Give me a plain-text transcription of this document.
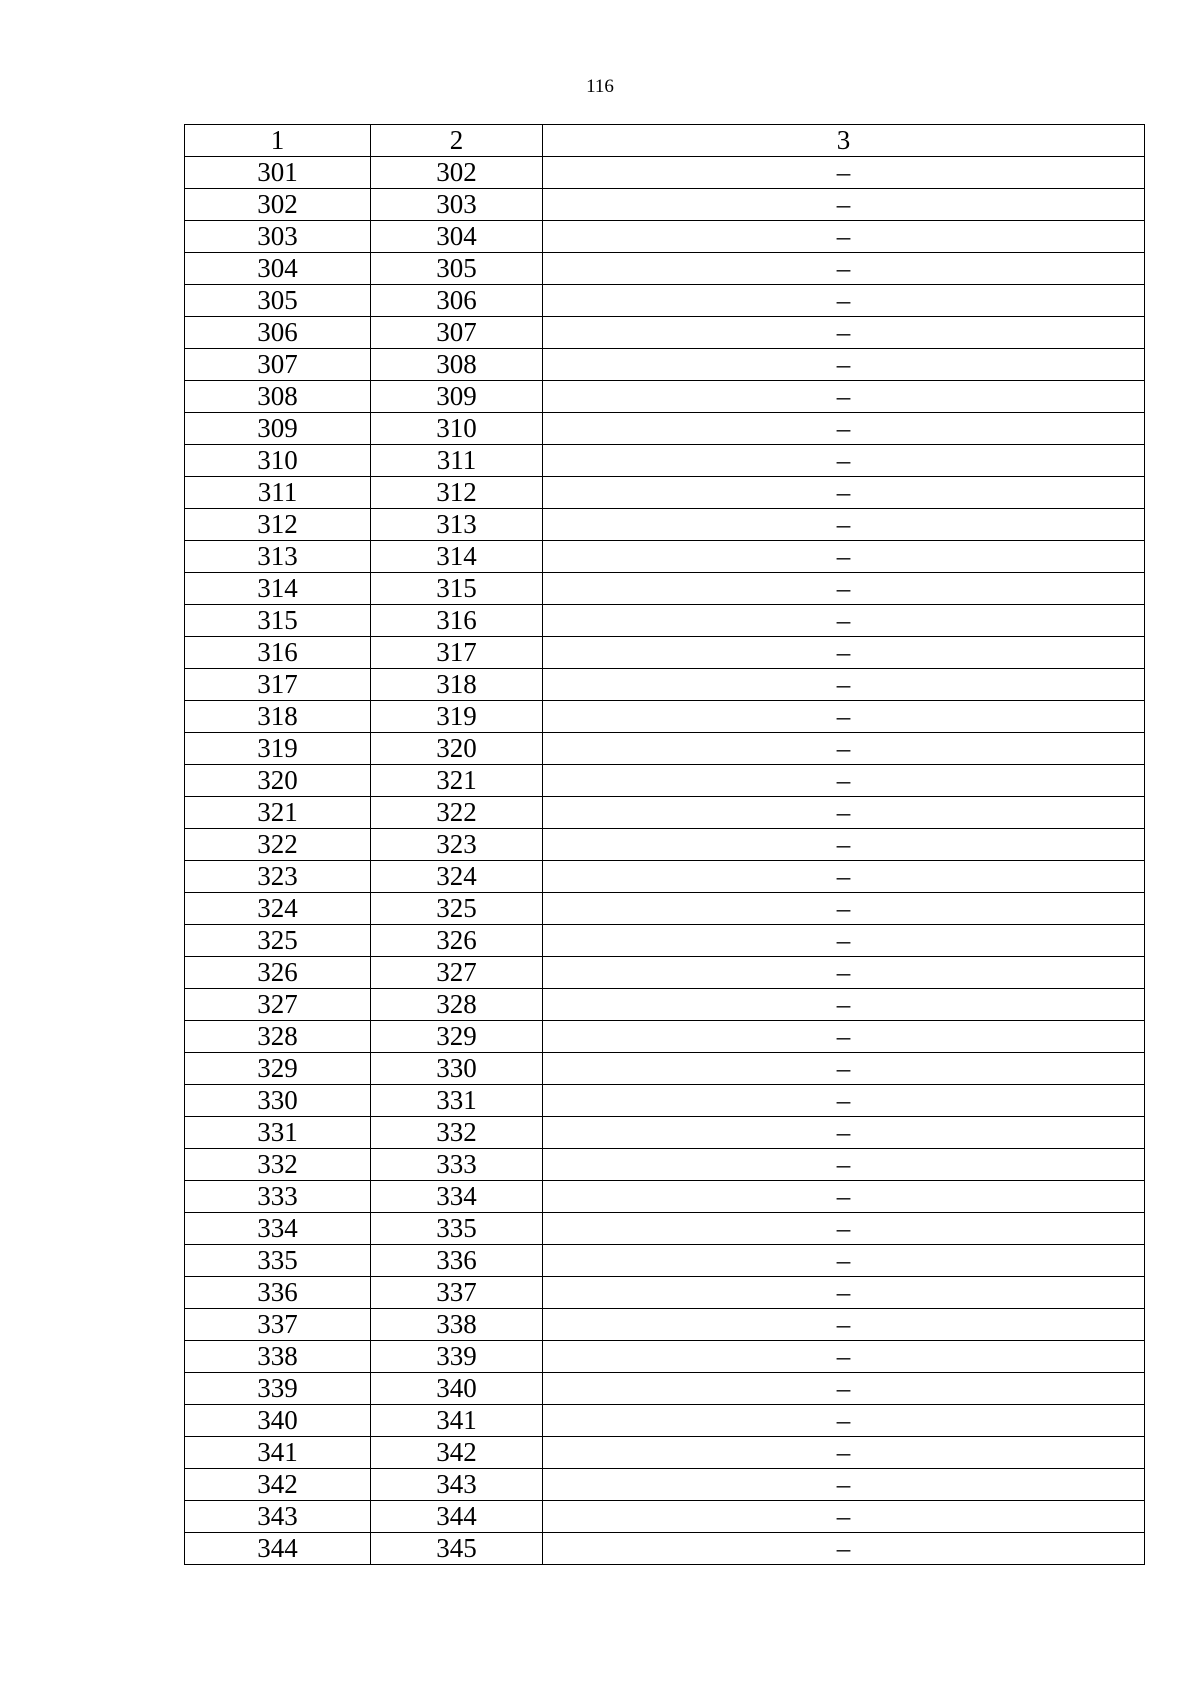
116
1	2	3
301	302	–
302	303	–
303	304	–
304	305	–
305	306	–
306	307	–
307	308	–
308	309	–
309	310	–
310	311	–
311	312	–
312	313	–
313	314	–
314	315	–
315	316	–
316	317	–
317	318	–
318	319	–
319	320	–
320	321	–
321	322	–
322	323	–
323	324	–
324	325	–
325	326	–
326	327	–
327	328	–
328	329	–
329	330	–
330	331	–
331	332	–
332	333	–
333	334	–
334	335	–
335	336	–
336	337	–
337	338	–
338	339	–
339	340	–
340	341	–
341	342	–
342	343	–
343	344	–
344	345	–
